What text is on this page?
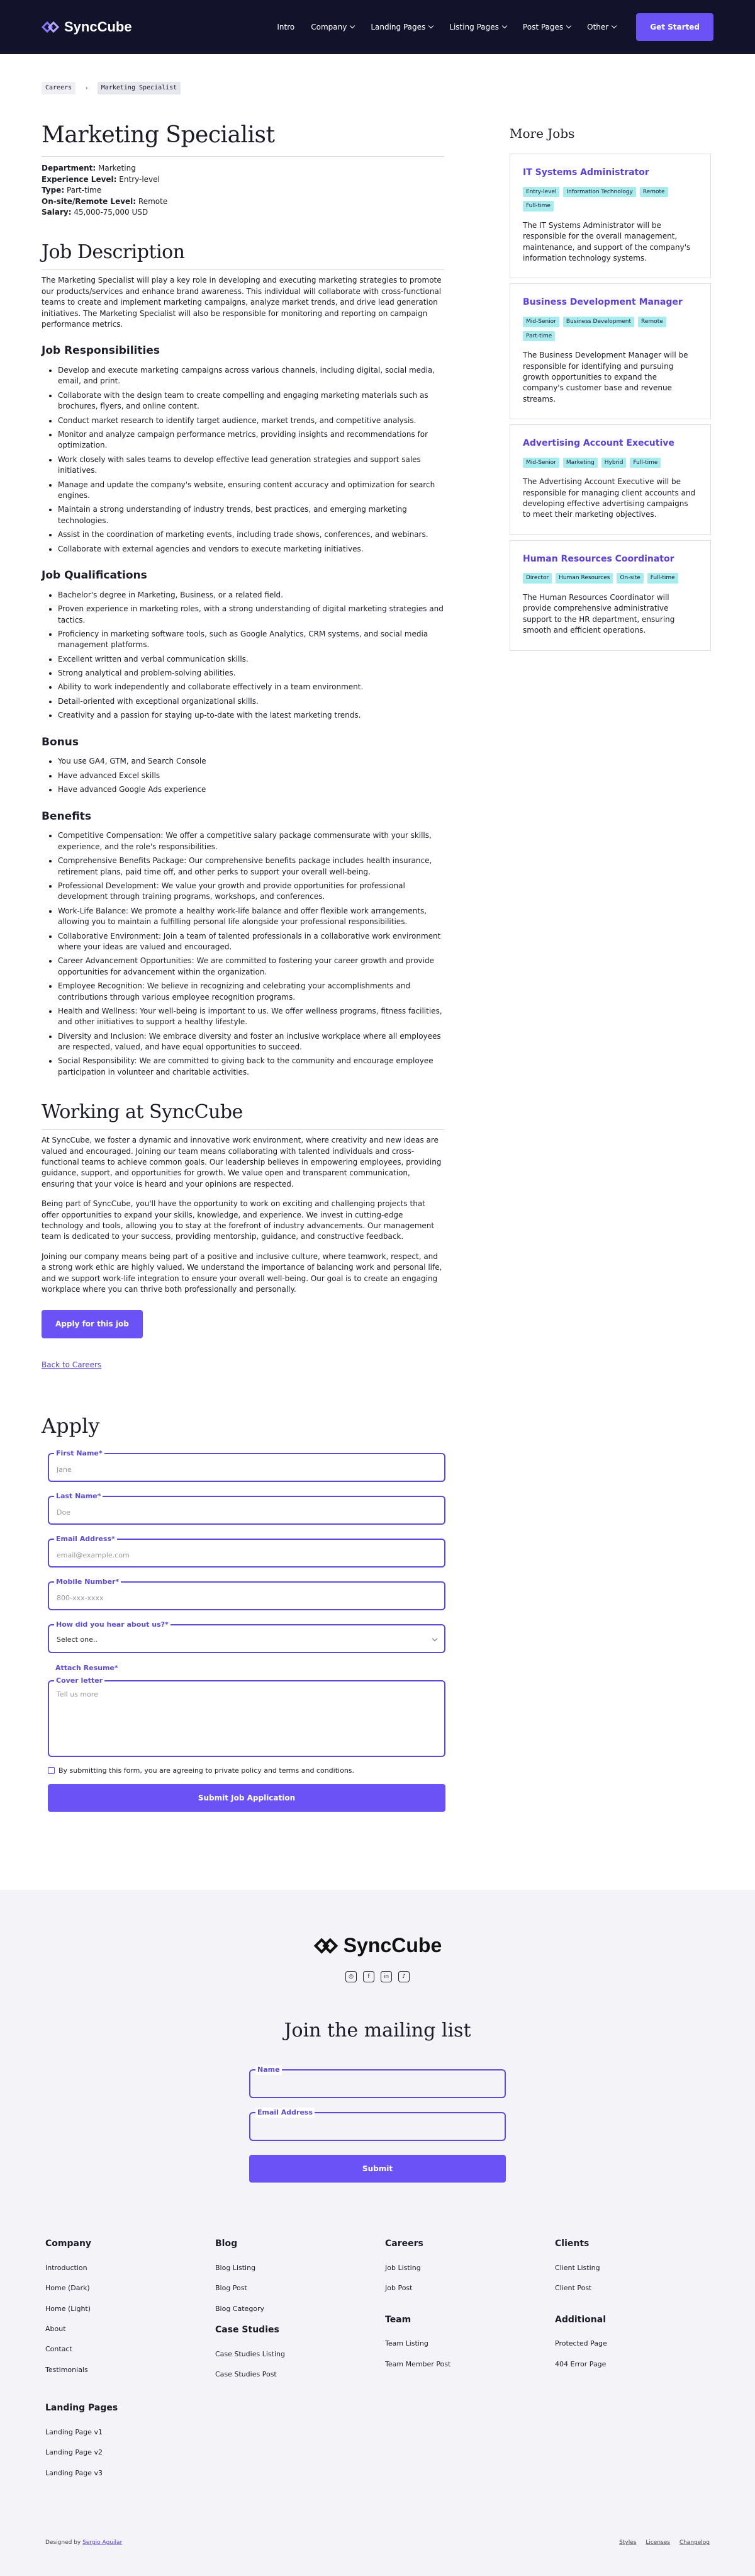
SyncCube	Intro Company	Landing Pages	Listing Pages	Post Pages	Other	Get Started
Careers	›	Marketing Specialist
Marketing Specialist
Department: Marketing
Experience Level: Entry-level
Type: Part-time
On-site/Remote Level: Remote
Salary: 45,000-75,000 USD
Job Description

The Marketing Specialist will play a key role in developing and executing marketing strategies to promote our products/services and enhance brand awareness. This individual will collaborate with cross-functional teams to create and implement marketing campaigns, analyze market trends, and drive lead generation initiatives. The Marketing Specialist will also be responsible for monitoring and reporting on campaign performance metrics.

Job Responsibilities
• Develop and execute marketing campaigns across various channels, including digital, social media, email, and print.
• Collaborate with the design team to create compelling and engaging marketing materials such as brochures, flyers, and online content.
• Conduct market research to identify target audience, market trends, and competitive analysis.
• Monitor and analyze campaign performance metrics, providing insights and recommendations for optimization.
• Work closely with sales teams to develop effective lead generation strategies and support sales initiatives.
• Manage and update the company's website, ensuring content accuracy and optimization for search engines.
• Maintain a strong understanding of industry trends, best practices, and emerging marketing technologies.
• Assist in the coordination of marketing events, including trade shows, conferences, and webinars.
• Collaborate with external agencies and vendors to execute marketing initiatives.
Job Qualifications
• Bachelor's degree in Marketing, Business, or a related field.
• Proven experience in marketing roles, with a strong understanding of digital marketing strategies and tactics.
• Proficiency in marketing software tools, such as Google Analytics, CRM systems, and social media management platforms.
• Excellent written and verbal communication skills.
• Strong analytical and problem-solving abilities.
• Ability to work independently and collaborate effectively in a team environment.
• Detail-oriented with exceptional organizational skills.
• Creativity and a passion for staying up-to-date with the latest marketing trends.
Bonus
• You use GA4, GTM, and Search Console
• Have advanced Excel skills
• Have advanced Google Ads experience
Benefits
• Competitive Compensation: We offer a competitive salary package commensurate with your skills, experience, and the role's responsibilities.
• Comprehensive Benefits Package: Our comprehensive benefits package includes health insurance, retirement plans, paid time off, and other perks to support your overall well-being.
• Professional Development: We value your growth and provide opportunities for professional development through training programs, workshops, and conferences.
• Work-Life Balance: We promote a healthy work-life balance and offer flexible work arrangements, allowing you to maintain a fulfilling personal life alongside your professional responsibilities.
• Collaborative Environment: Join a team of talented professionals in a collaborative work environment where your ideas are valued and encouraged.
• Career Advancement Opportunities: We are committed to fostering your career growth and provide opportunities for advancement within the organization.
• Employee Recognition: We believe in recognizing and celebrating your accomplishments and contributions through various employee recognition programs.
• Health and Wellness: Your well-being is important to us. We offer wellness programs, fitness facilities, and other initiatives to support a healthy lifestyle.
• Diversity and Inclusion: We embrace diversity and foster an inclusive workplace where all employees are respected, valued, and have equal opportunities to succeed.
• Social Responsibility: We are committed to giving back to the community and encourage employee participation in volunteer and charitable activities.
Working at SyncCube

At SyncCube, we foster a dynamic and innovative work environment, where creativity and new ideas are valued and encouraged. Joining our team means collaborating with talented individuals and cross-functional teams to achieve common goals. Our leadership believes in empowering employees, providing guidance, support, and opportunities for growth. We value open and transparent communication, ensuring that your voice is heard and your opinions are respected.

Being part of SyncCube, you'll have the opportunity to work on exciting and challenging projects that offer opportunities to expand your skills, knowledge, and experience. We invest in cutting-edge technology and tools, allowing you to stay at the forefront of industry advancements. Our management team is dedicated to your success, providing mentorship, guidance, and constructive feedback.

Joining our company means being part of a positive and inclusive culture, where teamwork, respect, and a strong work ethic are highly valued. We understand the importance of balancing work and personal life, and we support work-life integration to ensure your overall well-being. Our goal is to create an engaging workplace where you can thrive both professionally and personally.

Apply for this job
Back to Careers
Apply
First Name*
Jane
Last Name*
Doe
Email Address*
email@example.com
Mobile Number*
800-xxx-xxxx
How did you hear about us?*
Select one..
Attach Resume*
Cover letter
Tell us more
By submitting this form, you are agreeing to private policy and terms and conditions.
Submit Job Application
More Jobs
IT Systems Administrator
Entry-level	Information Technology	Remote
Full-time

The IT Systems Administrator will be responsible for the overall management, maintenance, and support of the company's information technology systems.

Business Development Manager
Mid-Senior	Business Development	Remote
Part-time

The Business Development Manager will be responsible for identifying and pursuing growth opportunities to expand the company's customer base and revenue streams.

Advertising Account Executive
Mid-Senior	Marketing	Hybrid	Full-time

The Advertising Account Executive will be responsible for managing client accounts and developing effective advertising campaigns to meet their marketing objectives.

Human Resources Coordinator
Director	Human Resources	On-site	Full-time

The Human Resources Coordinator will provide comprehensive administrative support to the HR department, ensuring smooth and efficient operations.

SyncCube
◎	f	in	♪
Join the mailing list
Name
Email Address
Submit
Company
Introduction
Home (Dark)
Home (Light)
About
Contact
Testimonials
Blog
Blog Listing
Blog Post
Blog Category
Case Studies
Case Studies Listing
Case Studies Post
Careers
Job Listing
Job Post
Team
Team Listing
Team Member Post
Clients
Client Listing
Client Post
Additional
Protected Page
404 Error Page
Landing Pages
Landing Page v1
Landing Page v2
Landing Page v3
Designed by Sergio Aguilar	Styles Licenses Changelog
